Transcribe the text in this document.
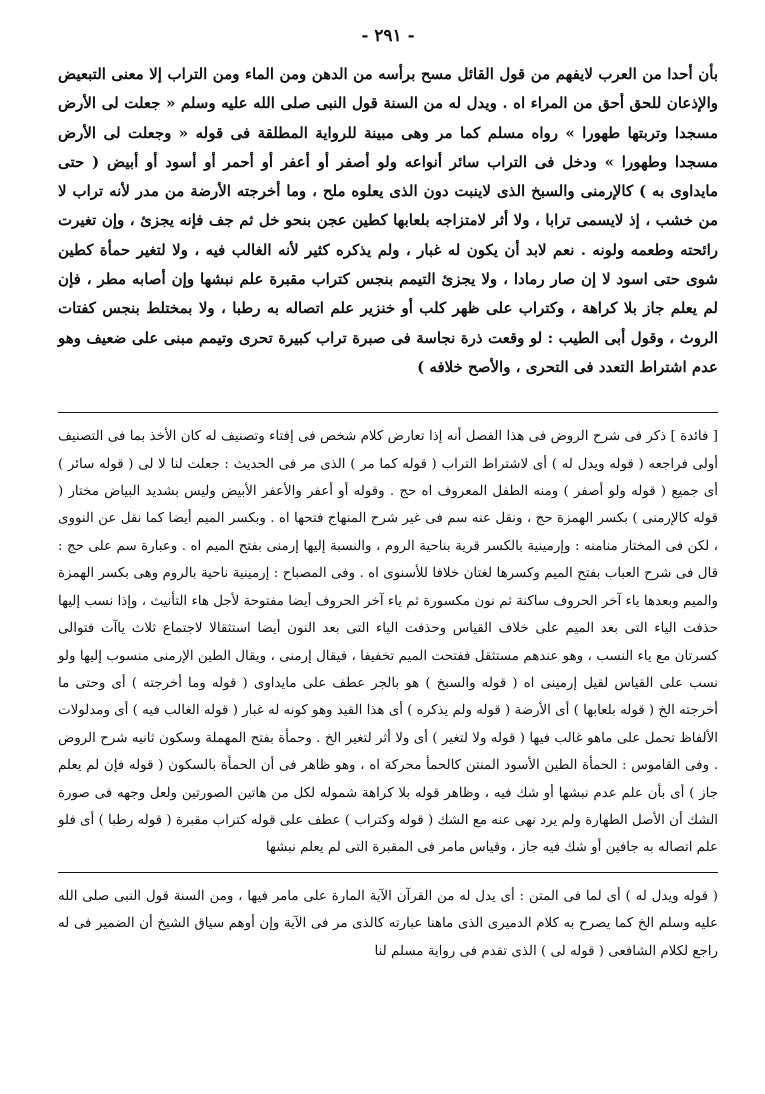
- ٢٩١ -

بأن أحدا من العرب لايفهم من قول القائل مسح برأسه من الدهن ومن الماء ومن التراب إلا معنى التبعيض والإذعان للحق أحق من المراء اه . ويدل له من السنة قول النبى صلى الله عليه وسلم « جعلت لى الأرض مسجدا وتربتها طهورا » رواه مسلم كما مر وهى مبينة للرواية المطلقة فى قوله « وجعلت لى الأرض مسجدا وطهورا » ودخل فى التراب سائر أنواعه ولو أصفر أو أعفر أو أحمر أو أسود أو أبيض ( حتى مايداوى به ) كالإرمنى والسبخ الذى لاينبت دون الذى يعلوه ملح ، وما أخرجته الأرضة من مدر لأنه تراب لا من خشب ، إذ لايسمى ترابا ، ولا أثر لامتزاجه بلعابها كطين عجن بنحو خل ثم جف فإنه يجزئ ، وإن تغيرت رائحته وطعمه ولونه . نعم لابد أن يكون له غبار ، ولم يذكره كثير لأنه الغالب فيه ، ولا لتغير حمأة كطين شوى حتى اسود لا إن صار رمادا ، ولا يجزئ التيمم بنجس كتراب مقبرة علم نبشها وإن أصابه مطر ، فإن لم يعلم جاز بلا كراهة ، وكتراب على ظهر كلب أو خنزير علم اتصاله به رطبا ، ولا بمختلط بنجس كفتات الروث ، وقول أبى الطيب : لو وقعت ذرة نجاسة فى صبرة تراب كبيرة تحرى وتيمم مبنى على ضعيف وهو عدم اشتراط التعدد فى التحرى ، والأصح خلافه )

[ فائدة ] ذكر فى شرح الروض فى هذا الفصل أنه إذا تعارض كلام شخص فى إفتاء وتصنيف له كان الأخذ بما فى التصنيف أولى فراجعه ( قوله ويدل له ) أى لاشتراط التراب ( قوله كما مر ) الذى مر فى الحديث : جعلت لنا لا لى ( قوله سائر ) أى جميع ( قوله ولو أصفر ) ومنه الطفل المعروف اه حج . وقوله أو أعفر والأعفر الأبيض وليس بشديد البياض مختار ( قوله كالإرمنى ) بكسر الهمزة حج ، ونقل عنه سم فى غير شرح المنهاج فتحها اه . وبكسر الميم أيضا كما نقل عن النووى ، لكن فى المختار منامنه : وإرمينية بالكسر قرية بناحية الروم ، والنسبة إليها إرمنى بفتح الميم اه . وعبارة سم على حج : قال فى شرح العباب بفتح الميم وكسرها لغتان خلافا للأسنوى اه . وفى المصباح : إرمينية ناحية بالروم وهى بكسر الهمزة والميم وبعدها ياء آخر الحروف ساكنة ثم نون مكسورة ثم ياء آخر الحروف أيضا مفتوحة لأجل هاء التأنيث ، وإذا نسب إليها حذفت الياء التى بعد الميم على خلاف القياس وحذفت الياء التى بعد النون أيضا استثقالا لاجتماع ثلاث ياآت فتوالى كسرتان مع ياء النسب ، وهو عندهم مستثقل ففتحت الميم تخفيفا ، فيقال إرمنى ، ويقال الطين الإرمنى منسوب إليها ولو نسب على القياس لقيل إرمينى اه ( قوله والسبخ ) هو بالجر عطف على مايداوى ( قوله وما أخرجته ) أى وحتى ما أخرجته الخ ( قوله بلعابها ) أى الأرضة ( قوله ولم يذكره ) أى هذا القيد وهو كونه له غبار ( قوله الغالب فيه ) أى ومدلولات الألفاظ تحمل على ماهو غالب فيها ( قوله ولا لتغير ) أى ولا أثر لتغير الخ . وحمأة بفتح المهملة وسكون ثانيه شرح الروض . وفى القاموس : الحمأة الطين الأسود المنتن كالحمأ محركة اه ، وهو ظاهر فى أن الحمأة بالسكون ( قوله فإن لم يعلم جاز ) أى بأن علم عدم نبشها أو شك فيه ، وظاهر قوله بلا كراهة شموله لكل من هاتين الصورتين ولعل وجهه فى صورة الشك أن الأصل الطهارة ولم يرد نهى عنه مع الشك ( قوله وكتراب ) عطف على قوله كتراب مقبرة ( قوله رطبا ) أى فلو علم اتصاله به جافين أو شك فيه جاز ، وقياس مامر فى المقبرة التى لم يعلم نبشها

( قوله ويدل له ) أى لما فى المتن : أى يدل له من القرآن الآية المارة على مامر فيها ، ومن السنة قول النبى صلى الله عليه وسلم الخ كما يصرح به كلام الدميرى الذى ماهنا عبارته كالذى مر فى الآية وإن أوهم سياق الشيخ أن الضمير فى له راجع لكلام الشافعى ( قوله لى ) الذى تقدم فى رواية مسلم لنا
